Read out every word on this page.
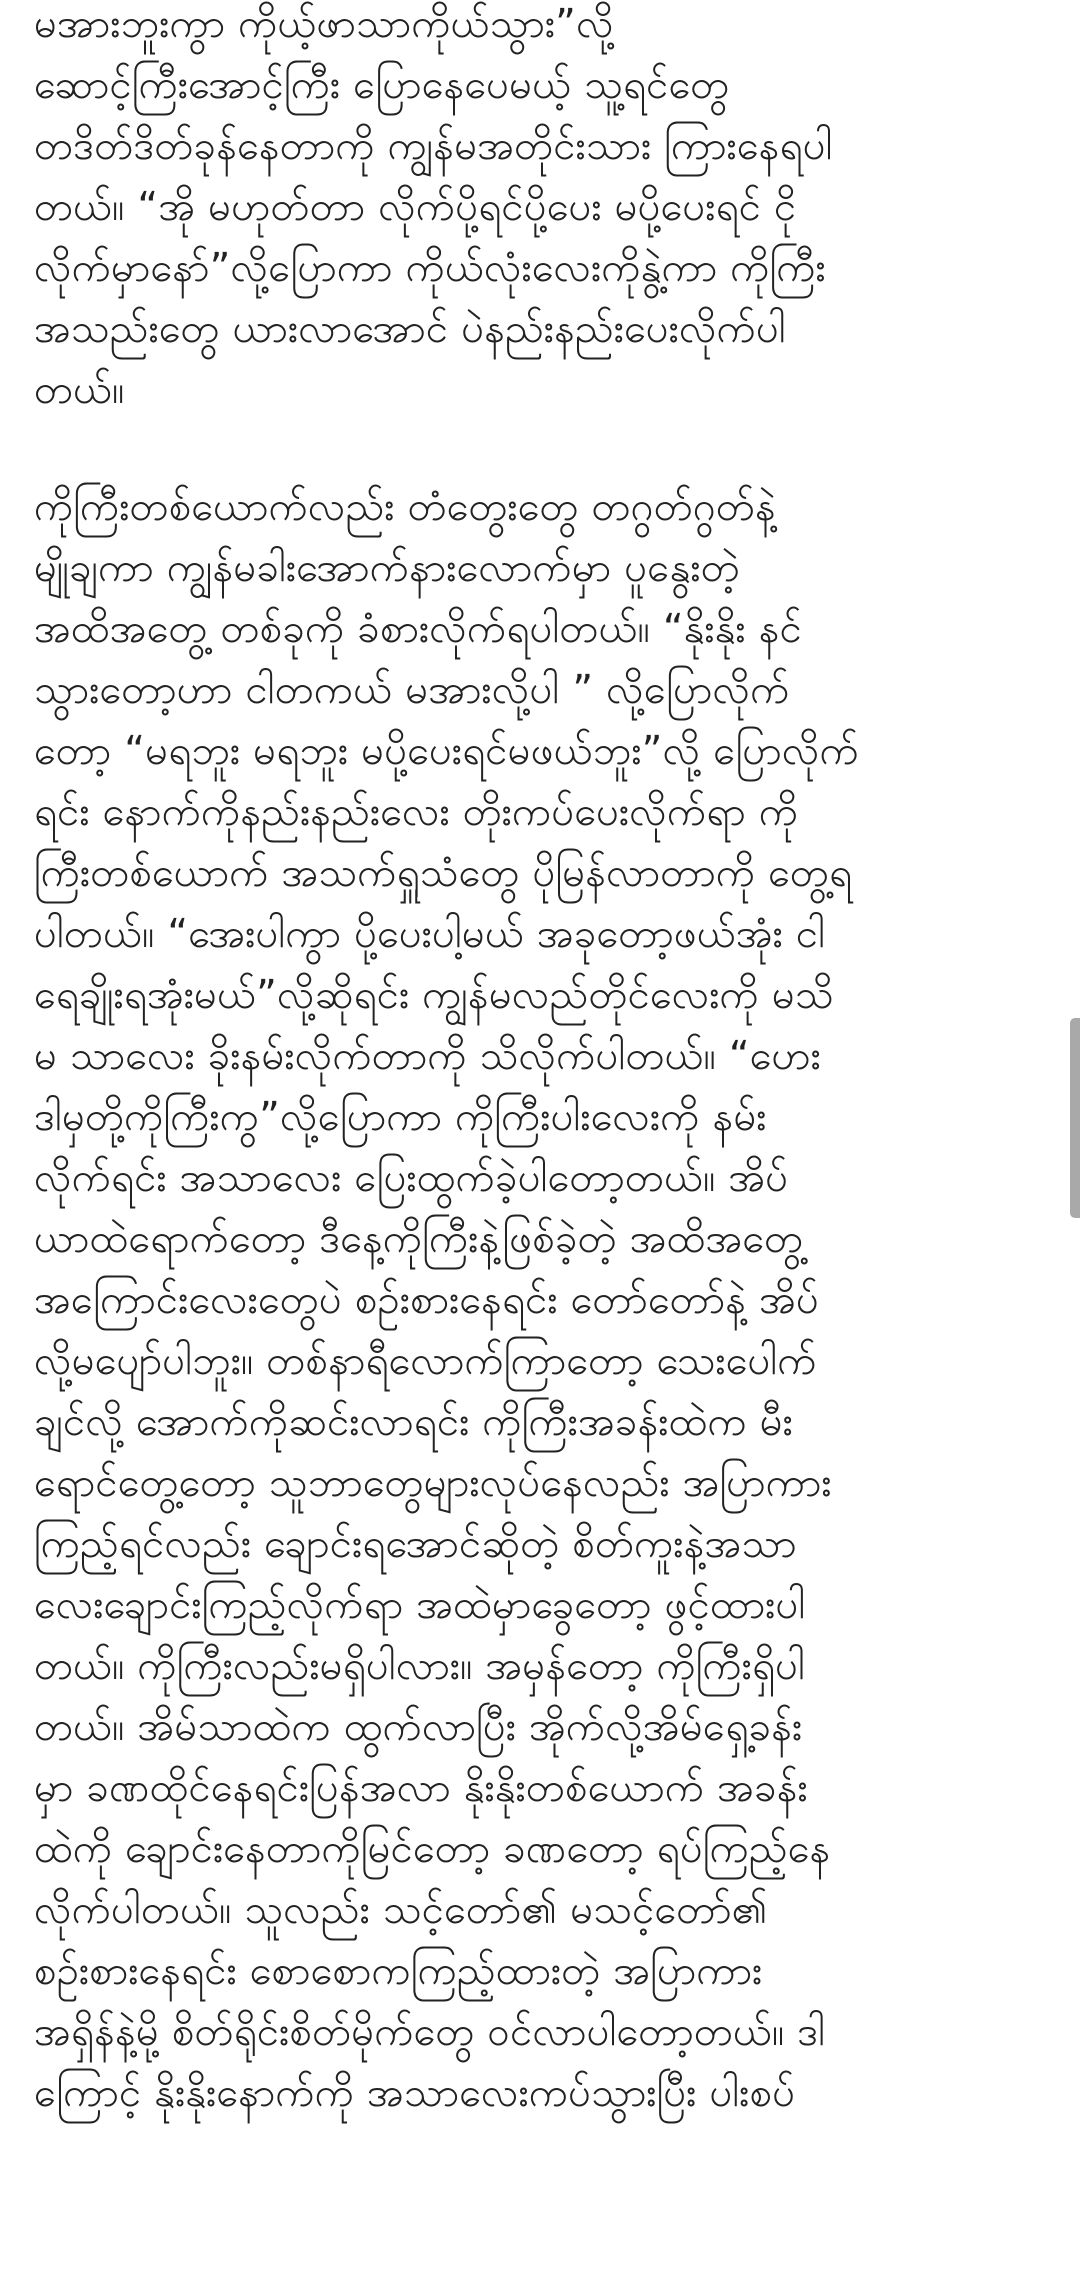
မအားဘူးကွာ ကိုယ့်ဖာသာကိုယ်သွား”လို့
ဆောင့်ကြီးအောင့်ကြီး ပြောနေပေမယ့် သူ့ရင်တွေ
တဒိတ်ဒိတ်ခုန်နေတာကို ကျွန်မအတိုင်းသား ကြားနေရပါ
တယ်။ “အို မဟုတ်တာ လိုက်ပို့ရင်ပို့ပေး မပို့ပေးရင် ငို
လိုက်မှာနော်”လို့ပြောကာ ကိုယ်လုံးလေးကိုနွဲ့ကာ ကိုကြီး
အသည်းတွေ ယားလာအောင် ပဲနည်းနည်းပေးလိုက်ပါ
တယ်။

ကိုကြီးတစ်ယောက်လည်း တံတွေးတွေ တဂွတ်ဂွတ်နဲ့
မျိုချကာ ကျွန်မခါးအောက်နားလောက်မှာ ပူနွေးတဲ့
အထိအတွေ့ တစ်ခုကို ခံစားလိုက်ရပါတယ်။ “နိုးနိုး နင်
သွားတော့ဟာ ငါတကယ် မအားလို့ပါ ” လို့ပြောလိုက်
တော့ “မရဘူး မရဘူး မပို့ပေးရင်မဖယ်ဘူး”လို့ ပြောလိုက်
ရင်း နောက်ကိုနည်းနည်းလေး တိုးကပ်ပေးလိုက်ရာ ကို
ကြီးတစ်ယောက် အသက်ရှူသံတွေ ပိုမြန်လာတာကို တွေ့ရ
ပါတယ်။ “အေးပါကွာ ပို့ပေးပါ့မယ် အခုတော့ဖယ်အုံး ငါ
ရေချိုးရအုံးမယ်”လို့ဆိုရင်း ကျွန်မလည်တိုင်လေးကို မသိ
မ သာလေး ခိုးနမ်းလိုက်တာကို သိလိုက်ပါတယ်။ “ဟေး
ဒါမှတို့ကိုကြီးကွ”လို့ပြောကာ ကိုကြီးပါးလေးကို နမ်း
လိုက်ရင်း အသာလေး ပြေးထွက်ခဲ့ပါတော့တယ်။ အိပ်
ယာထဲရောက်တော့ ဒီနေ့ကိုကြီးနဲ့ဖြစ်ခဲ့တဲ့ အထိအတွေ့
အကြောင်းလေးတွေပဲ စဉ်းစားနေရင်း တော်တော်နဲ့ အိပ်
လို့မပျော်ပါဘူး။ တစ်နာရီလောက်ကြာတော့ သေးပေါက်
ချင်လို့ အောက်ကိုဆင်းလာရင်း ကိုကြီးအခန်းထဲက မီး
ရောင်တွေ့တော့ သူဘာတွေများလုပ်နေလည်း အပြာကား
ကြည့်ရင်လည်း ချောင်းရအောင်ဆိုတဲ့ စိတ်ကူးနဲ့အသာ
လေးချောင်းကြည့်လိုက်ရာ အထဲမှာခွေတော့ ဖွင့်ထားပါ
တယ်။ ကိုကြီးလည်းမရှိပါလား။ အမှန်တော့ ကိုကြီးရှိပါ
တယ်။ အိမ်သာထဲက ထွက်လာပြီး အိုက်လို့အိမ်ရှေ့ခန်း
မှာ ခဏထိုင်နေရင်းပြန်အလာ နိုးနိုးတစ်ယောက် အခန်း
ထဲကို ချောင်းနေတာကိုမြင်တော့ ခဏတော့ ရပ်ကြည့်နေ
လိုက်ပါတယ်။ သူလည်း သင့်တော်၏ မသင့်တော်၏
စဉ်းစားနေရင်း စောစောကကြည့်ထားတဲ့ အပြာကား
အရှိန်နဲ့မို့ စိတ်ရိုင်းစိတ်မိုက်တွေ ဝင်လာပါတော့တယ်။ ဒါ
ကြောင့် နိုးနိုးနောက်ကို အသာလေးကပ်သွားပြီး ပါးစပ်
